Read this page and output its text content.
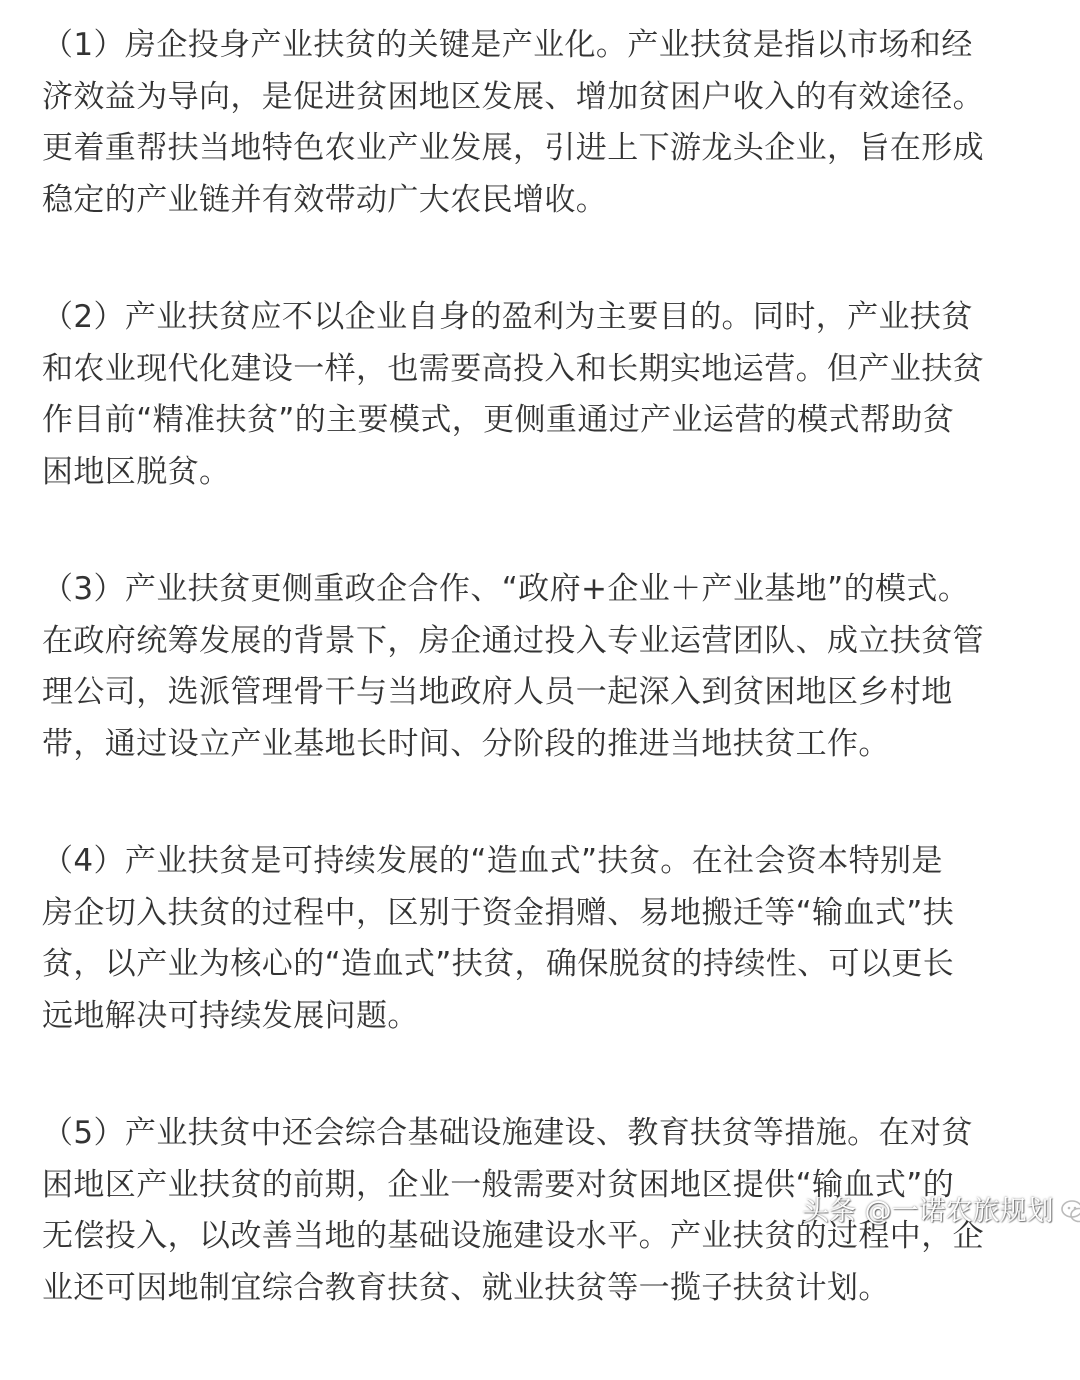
（1）房企投身产业扶贫的关键是产业化。产业扶贫是指以市场和经
济效益为导向，是促进贫困地区发展、增加贫困户收入的有效途径。
更着重帮扶当地特色农业产业发展，引进上下游龙头企业，旨在形成
稳定的产业链并有效带动广大农民增收。
（2）产业扶贫应不以企业自身的盈利为主要目的。同时，产业扶贫
和农业现代化建设一样，也需要高投入和长期实地运营。但产业扶贫
作目前“精准扶贫”的主要模式，更侧重通过产业运营的模式帮助贫
困地区脱贫。
（3）产业扶贫更侧重政企合作、“政府+企业＋产业基地”的模式。
在政府统筹发展的背景下，房企通过投入专业运营团队、成立扶贫管
理公司，选派管理骨干与当地政府人员一起深入到贫困地区乡村地
带，通过设立产业基地长时间、分阶段的推进当地扶贫工作。
（4）产业扶贫是可持续发展的“造血式”扶贫。在社会资本特别是
房企切入扶贫的过程中，区别于资金捐赠、易地搬迁等“输血式”扶
贫，以产业为核心的“造血式”扶贫，确保脱贫的持续性、可以更长
远地解决可持续发展问题。
（5）产业扶贫中还会综合基础设施建设、教育扶贫等措施。在对贫
困地区产业扶贫的前期，企业一般需要对贫困地区提供“输血式”的
无偿投入，以改善当地的基础设施建设水平。产业扶贫的过程中，企
业还可因地制宜综合教育扶贫、就业扶贫等一揽子扶贫计划。
头条 @一诺农旅规划
